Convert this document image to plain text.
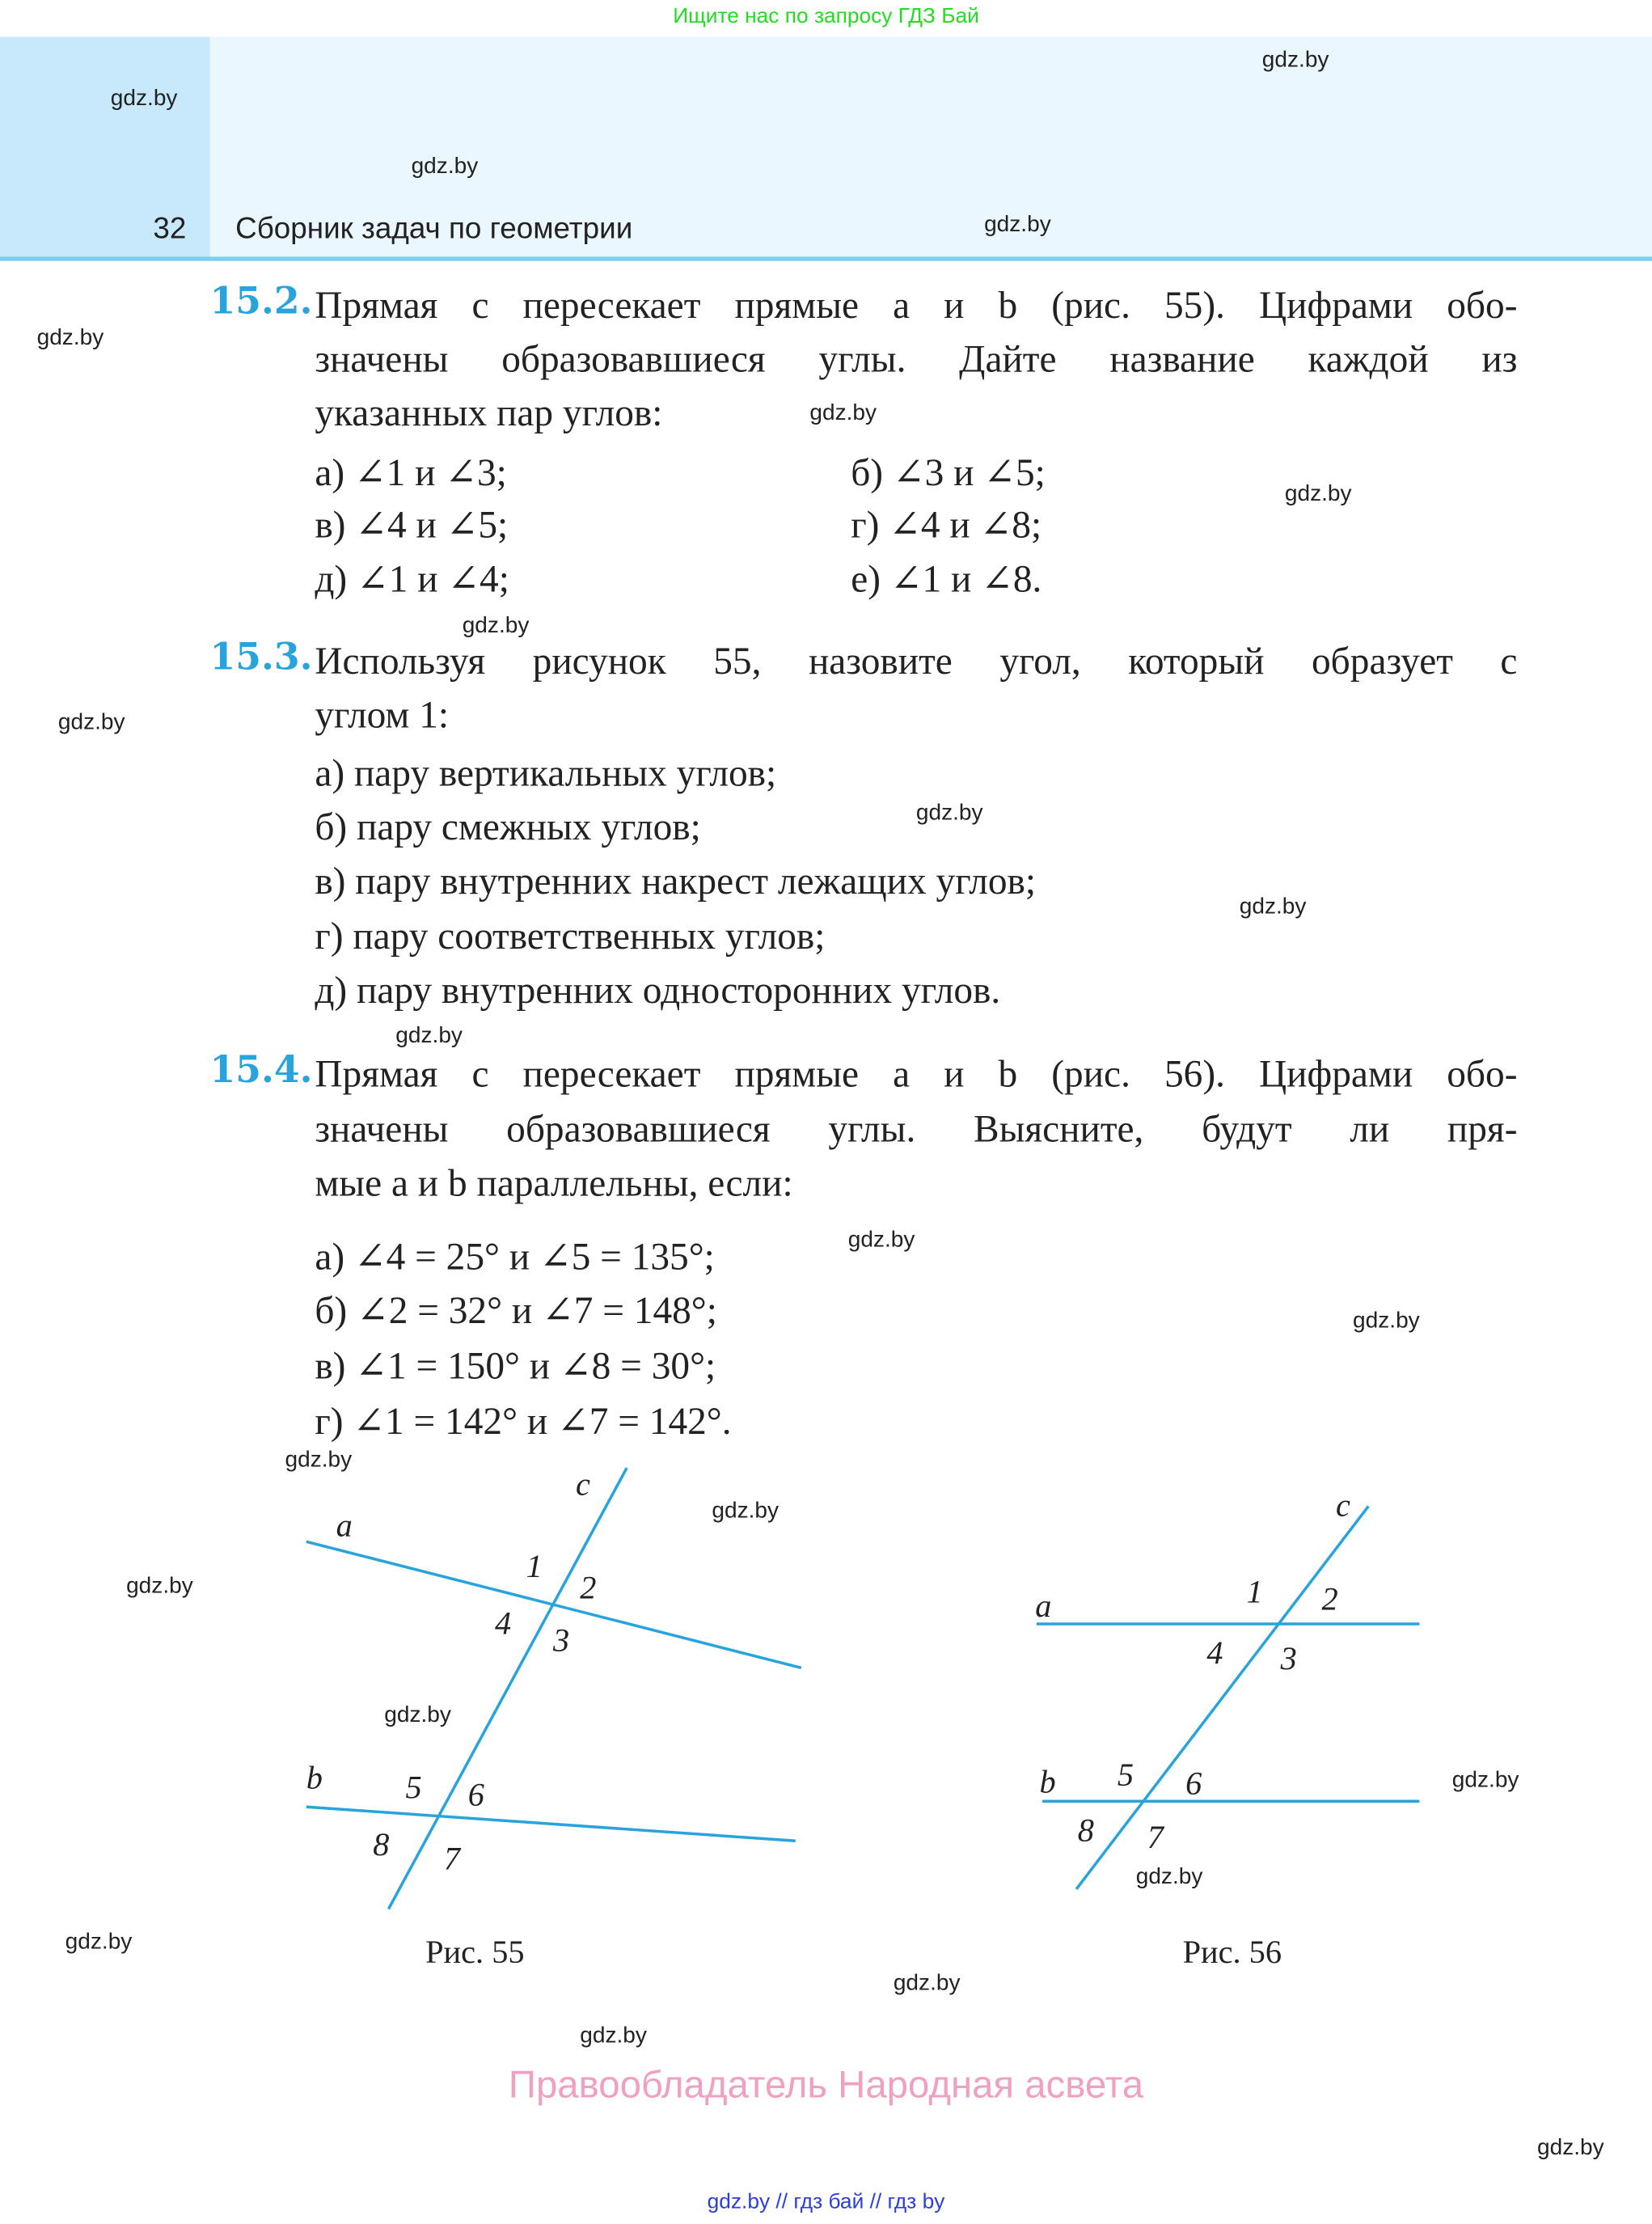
Ищите нас по запросу ГДЗ Бай
32	Сборник задач по геометрии
gdz.by
gdz.by
gdz.by
gdz.by
gdz.by
gdz.by
gdz.by
gdz.by
gdz.by
gdz.by
gdz.by
gdz.by
gdz.by
gdz.by
gdz.by
gdz.by
gdz.by
gdz.by
gdz.by
gdz.by
gdz.by
gdz.by
gdz.by
gdz.by
15.2. Прямая c пересекает прямые a и b (рис. 55). Цифрами обо-
значены образовавшиеся углы. Дайте название каждой из
указанных пар углов:
а) ∠1 и ∠3;	б) ∠3 и ∠5;
в) ∠4 и ∠5;	г) ∠4 и ∠8;
д) ∠1 и ∠4;	е) ∠1 и ∠8.
15.3. Используя рисунок 55, назовите угол, который образует с
углом 1:
а) пару вертикальных углов;
б) пару смежных углов;
в) пару внутренних накрест лежащих углов;
г) пару соответственных углов;
д) пару внутренних односторонних углов.
15.4. Прямая c пересекает прямые a и b (рис. 56). Цифрами обо-
значены образовавшиеся углы. Выясните, будут ли пря-
мые a и b параллельны, если:
а) ∠4 = 25° и ∠5 = 135°;
б) ∠2 = 32° и ∠7 = 148°;
в) ∠1 = 150° и ∠8 = 30°;
г) ∠1 = 142° и ∠7 = 142°.
a
b
c
1
2
3
4
5 6
7
8
a
b
c
1	2
3
4
5	6
7
8
Рис. 55	Рис. 56
Правообладатель Народная асвета
gdz.by // гдз бай // гдз by
